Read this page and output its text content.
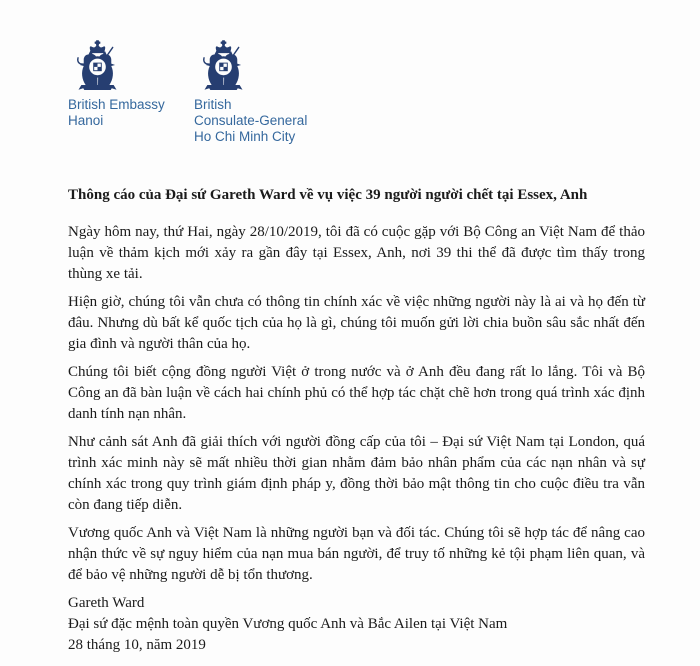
British Embassy
Hanoi
British
Consulate-General
Ho Chi Minh City
Thông cáo của Đại sứ Gareth Ward về vụ việc 39 người người chết tại Essex, Anh

Ngày hôm nay, thứ Hai, ngày 28/10/2019, tôi đã có cuộc gặp với Bộ Công an Việt Nam để thảo luận về thảm kịch mới xảy ra gần đây tại Essex, Anh, nơi 39 thi thể đã được tìm thấy trong thùng xe tải.

Hiện giờ, chúng tôi vẫn chưa có thông tin chính xác về việc những người này là ai và họ đến từ đâu. Nhưng dù bất kể quốc tịch của họ là gì, chúng tôi muốn gửi lời chia buồn sâu sắc nhất đến gia đình và người thân của họ.

Chúng tôi biết cộng đồng người Việt ở trong nước và ở Anh đều đang rất lo lắng. Tôi và Bộ Công an đã bàn luận về cách hai chính phủ có thể hợp tác chặt chẽ hơn trong quá trình xác định danh tính nạn nhân.

Như cảnh sát Anh đã giải thích với người đồng cấp của tôi – Đại sứ Việt Nam tại London, quá trình xác minh này sẽ mất nhiều thời gian nhằm đảm bảo nhân phẩm của các nạn nhân và sự chính xác trong quy trình giám định pháp y, đồng thời bảo mật thông tin cho cuộc điều tra vẫn còn đang tiếp diễn.

Vương quốc Anh và Việt Nam là những người bạn và đối tác. Chúng tôi sẽ hợp tác để nâng cao nhận thức về sự nguy hiểm của nạn mua bán người, để truy tố những kẻ tội phạm liên quan, và để bảo vệ những người dễ bị tổn thương.

Gareth Ward
Đại sứ đặc mệnh toàn quyền Vương quốc Anh và Bắc Ailen tại Việt Nam
28 tháng 10, năm 2019
